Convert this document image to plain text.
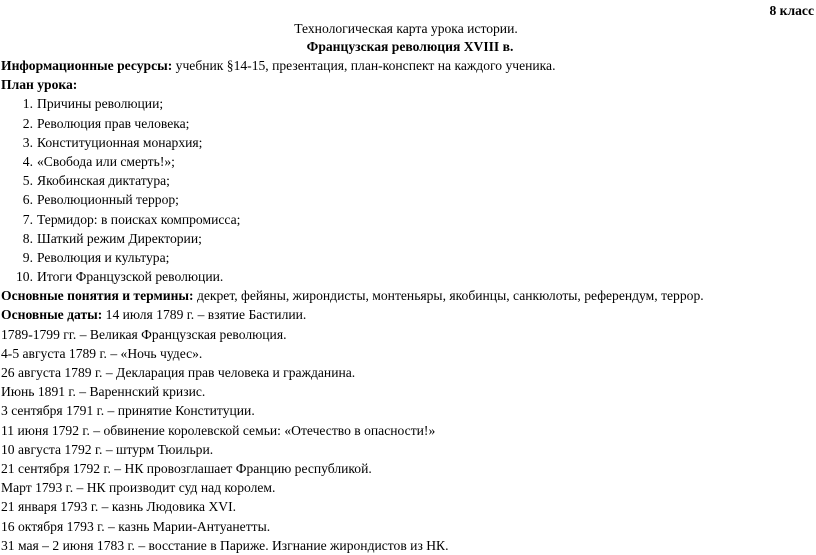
8 класс
Технологическая карта урока истории.
Французская революция XVIII в.
Информационные ресурсы: учебник §14-15, презентация, план-конспект на каждого ученика.
План урока:
1. Причины революции;
2. Революция прав человека;
3. Конституционная монархия;
4. «Свобода или смерть!»;
5. Якобинская диктатура;
6. Революционный террор;
7. Термидор: в поисках компромисса;
8. Шаткий режим Директории;
9. Революция и культура;
10. Итоги Французской революции.
Основные понятия и термины: декрет, фейяны, жирондисты, монтеньяры, якобинцы, санкюлоты, референдум, террор.
Основные даты: 14 июля 1789 г. – взятие Бастилии.
1789-1799 гг. – Великая Французская революция.
4-5 августа 1789 г. – «Ночь чудес».
26 августа 1789 г. – Декларация прав человека и гражданина.
Июнь 1891 г. – Вареннский кризис.
3 сентября 1791 г. – принятие Конституции.
11 июня 1792 г. – обвинение королевской семьи: «Отечество в опасности!»
10 августа 1792 г. – штурм Тюильри.
21 сентября 1792 г. – НК провозглашает Францию республикой.
Март 1793 г. – НК производит суд над королем.
21 января 1793 г. – казнь Людовика XVI.
16 октября 1793 г. – казнь Марии-Антуанетты.
31 мая – 2 июня 1783 г. – восстание в Париже. Изгнание жирондистов из НК.
